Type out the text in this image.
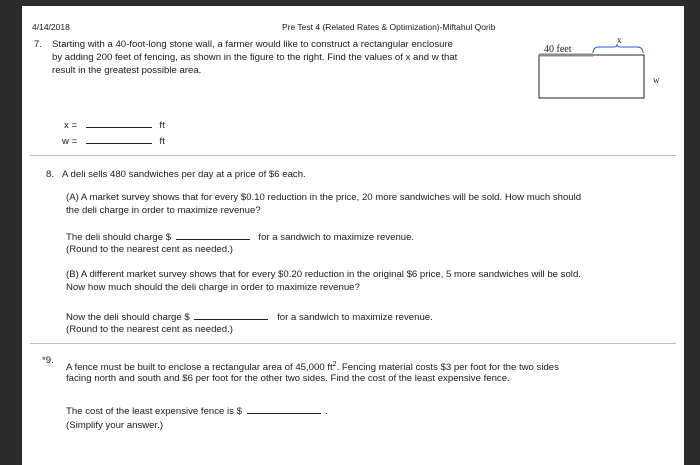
4/14/2018	Pre Test 4 (Related Rates & Optimization)-Miftahul Qorib
7. Starting with a 40-foot-long stone wall, a farmer would like to construct a rectangular enclosure
by adding 200 feet of fencing, as shown in the figure to the right. Find the values of x and w that
result in the greatest possible area.
40 feet
x
w
x =	ft
w =	ft
8. A deli sells 480 sandwiches per day at a price of $6 each.
(A) A market survey shows that for every $0.10 reduction in the price, 20 more sandwiches will be sold. How much should
the deli charge in order to maximize revenue?
The deli should charge $	for a sandwich to maximize revenue.
(Round to the nearest cent as needed.)
(B) A different market survey shows that for every $0.20 reduction in the original $6 price, 5 more sandwiches will be sold.
Now how much should the deli charge in order to maximize revenue?
Now the deli should charge $	for a sandwich to maximize revenue.
(Round to the nearest cent as needed.)
*9.
A fence must be built to enclose a rectangular area of 45,000 $ft^2$. Fencing material costs $3 per foot for the two sides
facing north and south and $6 per foot for the other two sides. Find the cost of the least expensive fence.
The cost of the least expensive fence is $	.
(Simplify your answer.)
